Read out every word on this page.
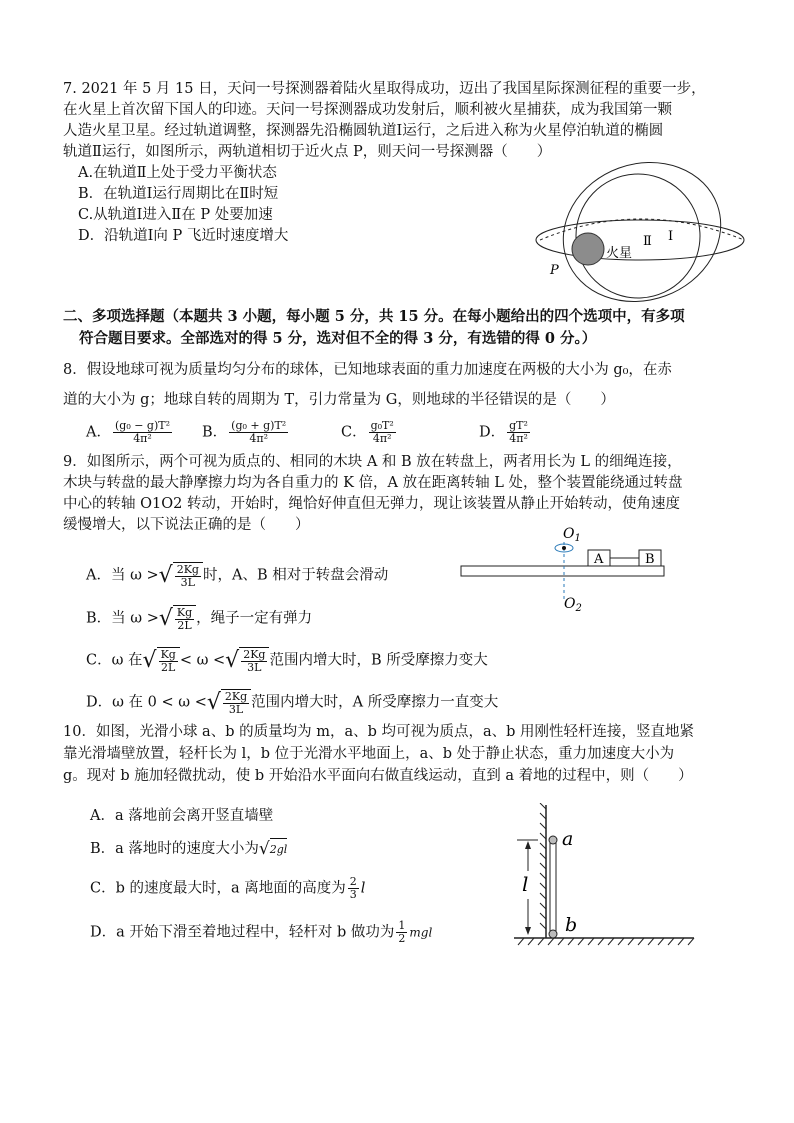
7. 2021 年 5 月 15 日，天问一号探测器着陆火星取得成功，迈出了我国星际探测征程的重要一步，
在火星上首次留下国人的印迹。天问一号探测器成功发射后，顺利被火星捕获，成为我国第一颗
人造火星卫星。经过轨道调整，探测器先沿椭圆轨道Ⅰ运行，之后进入称为火星停泊轨道的椭圆
轨道Ⅱ运行，如图所示，两轨道相切于近火点 P，则天问一号探测器（　　）
A.在轨道Ⅱ上处于受力平衡状态
B．在轨道Ⅰ运行周期比在Ⅱ时短
C.从轨道Ⅰ进入Ⅱ在 P 处要加速
D．沿轨道Ⅰ向 P 飞近时速度增大
火星
Ⅱ Ⅰ
P
二、多项选择题（本题共 3 小题，每小题 5 分，共 15 分。在每小题给出的四个选项中，有多项
符合题目要求。全部选对的得 5 分，选对但不全的得 3 分，有选错的得 0 分。）
8．假设地球可视为质量均匀分布的球体，已知地球表面的重力加速度在两极的大小为 g₀，在赤
道的大小为 g；地球自转的周期为 T，引力常量为 G，则地球的半径错误的是（　　）
A． $\frac{\text{(g₀ − g)T²}}{\text{4π²}}$ B． $\frac{\text{(g₀ + g)T²}}{\text{4π²}}$	C． $\frac{\text{g₀T²}}{\text{4π²}}$	D． $\frac{\text{gT²}}{\text{4π²}}$
9．如图所示，两个可视为质点的、相同的木块 A 和 B 放在转盘上，两者用长为 L 的细绳连接，
木块与转盘的最大静摩擦力均为各自重力的 K 倍，A 放在距离转轴 L 处，整个装置能绕通过转盘
中心的转轴 O1O2 转动，开始时，绳恰好伸直但无弹力，现让该装置从静止开始转动，使角速度
缓慢增大，以下说法正确的是（　　）
A．当 ω > √ $\frac{2Kg}{3L}$ 时，A、B 相对于转盘会滑动
B．当 ω > √ $\frac{Kg}{2L}$ ，绳子一定有弹力
C．ω 在 √ $\frac{Kg}{2L} < \omega$ < √ $\frac{2Kg}{3L}$ 范围内增大时，B 所受摩擦力变大
D．ω 在 0 < ω < √ $\frac{2Kg}{3L}$ 范围内增大时，A 所受摩擦力一直变大
$O_1$
$O_2$
A	B
10．如图，光滑小球 a、b 的质量均为 m，a、b 均可视为质点，a、b 用刚性轻杆连接，竖直地紧
靠光滑墙壁放置，轻杆长为 l，b 位于光滑水平地面上，a、b 处于静止状态，重力加速度大小为
g。现对 b 施加轻微扰动，使 b 开始沿水平面向右做直线运动，直到 a 着地的过程中，则（　　）
A．a 落地前会离开竖直墙壁
B．a 落地时的速度大小为 √ 2gl
C．b 的速度最大时，a 离地面的高度为 $\frac{2}{3}$ l
D．a 开始下滑至着地过程中，轻杆对 b 做功为 $\frac{1}{2}$ mgl
a
b
l
